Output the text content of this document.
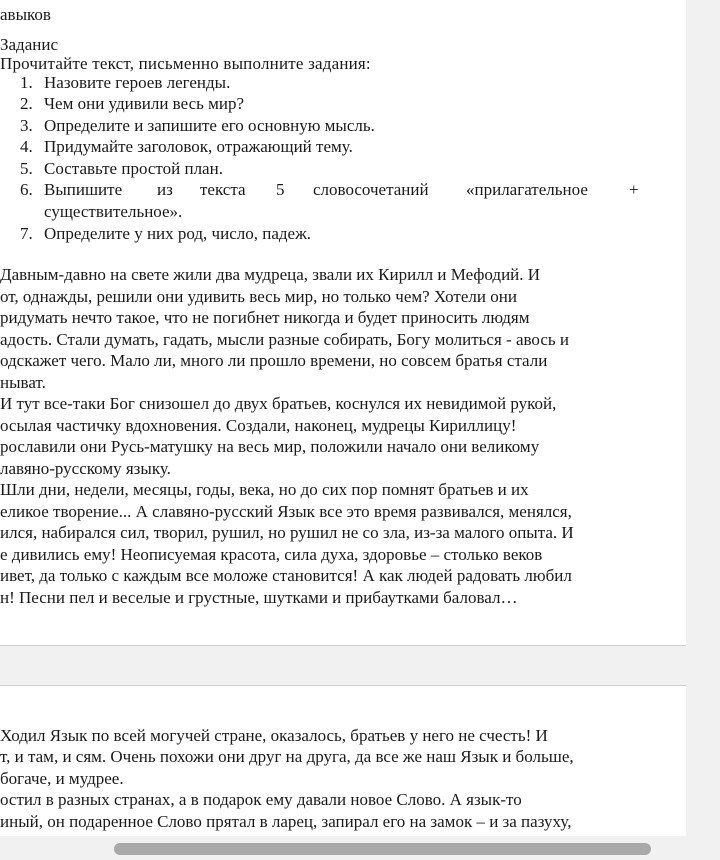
авыков
Заданис
Прочитайте текст, письменно выполните задания:
1. Назовите героев легенды.
2. Чем они удивили весь мир?
3. Определите и запишите его основную мысль.
4. Придумайте заголовок, отражающий тему.
5. Составьте простой план.
6. Выпишите из текста 5 словосочетаний «прилагательное +
существительное».
7. Определите у них род, число, падеж.
Давным-давно на свете жили два мудреца, звали их Кирилл и Мефодий. И
от, однажды, решили они удивить весь мир, но только чем? Хотели они
ридумать нечто такое, что не погибнет никогда и будет приносить людям
адость. Стали думать, гадать, мысли разные собирать, Богу молиться - авось и
одскажет чего. Мало ли, много ли прошло времени, но совсем братья стали
ныват.
И тут все-таки Бог снизошел до двух братьев, коснулся их невидимой рукой,
осылая частичку вдохновения. Создали, наконец, мудрецы Кириллицу!
рославили они Русь-матушку на весь мир, положили начало они великому
лавяно-русскому языку.
Шли дни, недели, месяцы, годы, века, но до сих пор помнят братьев и их
еликое творение... А славяно-русский Язык все это время развивался, менялся,
ился, набирался сил, творил, рушил, но рушил не со зла, из-за малого опыта. И
е дивились ему! Неописуемая красота, сила духа, здоровье – столько веков
ивет, да только с каждым все моложе становится! А как людей радовать любил
н! Песни пел и веселые и грустные, шутками и прибаутками баловал…
Ходил Язык по всей могучей стране, оказалось, братьев у него не счесть! И
т, и там, и сям. Очень похожи они друг на друга, да все же наш Язык и больше,
богаче, и мудрее.
остил в разных странах, а в подарок ему давали новое Слово. А язык-то
иный, он подаренное Слово прятал в ларец, запирал его на замок – и за пазуху,
